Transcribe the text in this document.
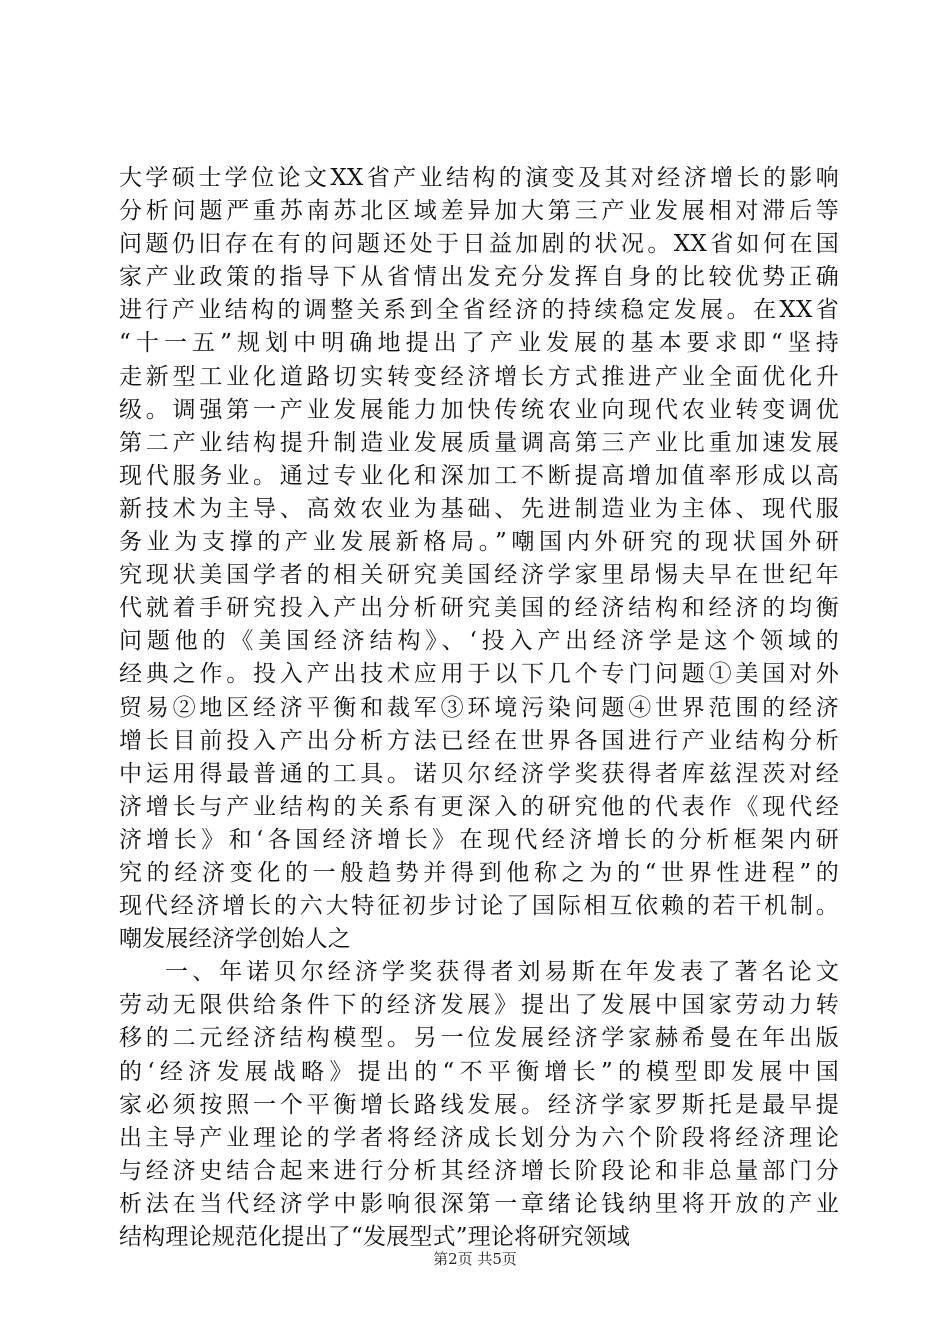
大学硕士学位论文XX省产业结构的演变及其对经济增长的影响
分析问题严重苏南苏北区域差异加大第三产业发展相对滞后等
问题仍旧存在有的问题还处于日益加剧的状况。XX省如何在国
家产业政策的指导下从省情出发充分发挥自身的比较优势正确
进行产业结构的调整关系到全省经济的持续稳定发展。在XX省
“十一五”规划中明确地提出了产业发展的基本要求即“坚持
走新型工业化道路切实转变经济增长方式推进产业全面优化升
级。调强第一产业发展能力加快传统农业向现代农业转变调优
第二产业结构提升制造业发展质量调高第三产业比重加速发展
现代服务业。通过专业化和深加工不断提高增加值率形成以高
新技术为主导、高效农业为基础、先进制造业为主体、现代服
务业为支撑的产业发展新格局。”嘲国内外研究的现状国外研
究现状美国学者的相关研究美国经济学家里昂惕夫早在世纪年
代就着手研究投入产出分析研究美国的经济结构和经济的均衡
问题他的《美国经济结构》、‘投入产出经济学是这个领域的
经典之作。投入产出技术应用于以下几个专门问题①美国对外
贸易②地区经济平衡和裁军③环境污染问题④世界范围的经济
增长目前投入产出分析方法已经在世界各国进行产业结构分析
中运用得最普通的工具。诺贝尔经济学奖获得者库兹涅茨对经
济增长与产业结构的关系有更深入的研究他的代表作《现代经
济增长》和‘各国经济增长》在现代经济增长的分析框架内研
究的经济变化的一般趋势并得到他称之为的“世界性进程”的
现代经济增长的六大特征初步讨论了国际相互依赖的若干机制。
嘲发展经济学创始人之
一、年诺贝尔经济学奖获得者刘易斯在年发表了著名论文
劳动无限供给条件下的经济发展》提出了发展中国家劳动力转
移的二元经济结构模型。另一位发展经济学家赫希曼在年出版
的‘经济发展战略》提出的“不平衡增长”的模型即发展中国
家必须按照一个平衡增长路线发展。经济学家罗斯托是最早提
出主导产业理论的学者将经济成长划分为六个阶段将经济理论
与经济史结合起来进行分析其经济增长阶段论和非总量部门分
析法在当代经济学中影响很深第一章绪论钱纳里将开放的产业
结构理论规范化提出了“发展型式”理论将研究领域
第2页 共5页
